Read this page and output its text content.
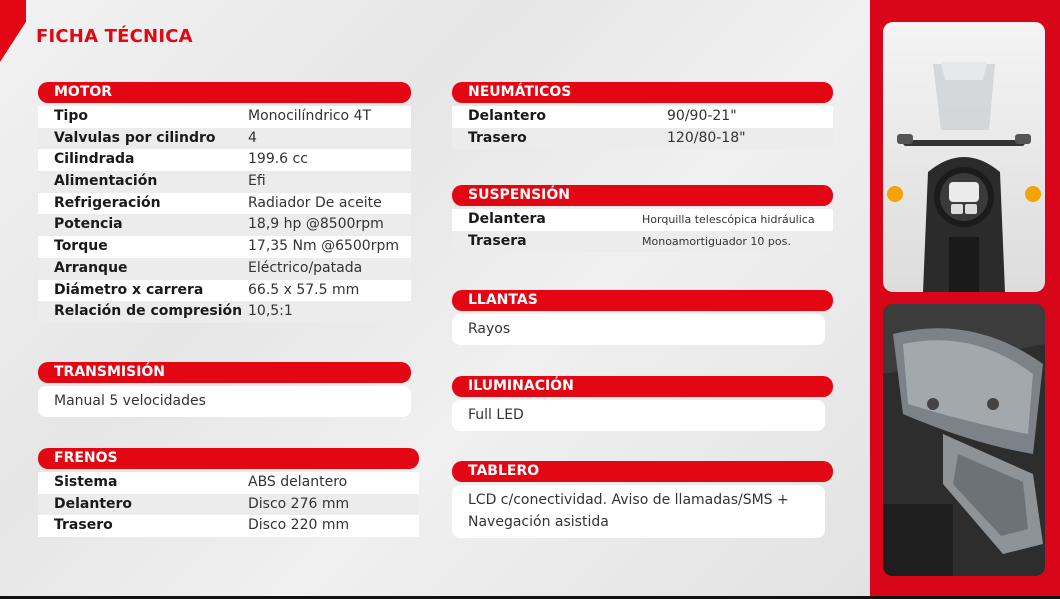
FICHA TÉCNICA
MOTOR
Tipo	Monocilíndrico 4T
Valvulas por cilindro	4
Cilindrada	199.6 cc
Alimentación	Efi
Refrigeración	Radiador De aceite
Potencia	18,9 hp @8500rpm
Torque	17,35 Nm @6500rpm
Arranque	Eléctrico/patada
Diámetro x carrera	66.5 x 57.5 mm
Relación de compresión 10,5:1
TRANSMISIÓN
Manual 5 velocidades
FRENOS
Sistema	ABS delantero
Delantero	Disco 276 mm
Trasero	Disco 220 mm
NEUMÁTICOS
Delantero	90/90-21"
Trasero	120/80-18"
SUSPENSIÓN
Delantera	Horquilla telescópica hidráulica
Trasera	Monoamortiguador 10 pos.
LLANTAS
Rayos
ILUMINACIÓN
Full LED
TABLERO
LCD c/conectividad. Aviso de llamadas/SMS + Navegación asistida
